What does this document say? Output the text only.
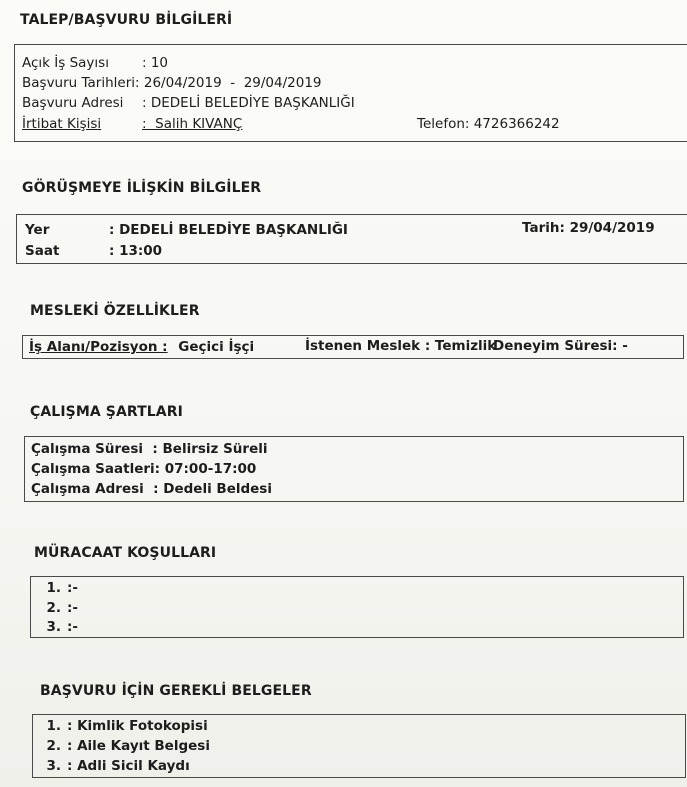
TALEP/BAŞVURU BİLGİLERİ
Açık İş Sayısı : 10
Başvuru Tarihleri: 26/04/2019  -  29/04/2019
Başvuru Adresi : DEDELİ BELEDİYE BAŞKANLIĞI
İrtibat Kişisi	:  Salih KIVANÇ	Telefon: 4726366242
GÖRÜŞMEYE İLİŞKİN BİLGİLER
Yer	: DEDELİ BELEDİYE BAŞKANLIĞI	Tarih: 29/04/2019
Saat	: 13:00
MESLEKİ ÖZELLİKLER
İş Alanı/Pozisyon : Geçici İşçi	İstenen Meslek : Temizlik
Deneyim Süresi: -
ÇALIŞMA ŞARTLARI
Çalışma Süresi  : Belirsiz Süreli
Çalışma Saatleri: 07:00-17:00
Çalışma Adresi  : Dedeli Beldesi
MÜRACAAT KOŞULLARI
1. :-
2. :-
3. :-
BAŞVURU İÇİN GEREKLİ BELGELER
1. : Kimlik Fotokopisi
2. : Aile Kayıt Belgesi
3. : Adli Sicil Kaydı
